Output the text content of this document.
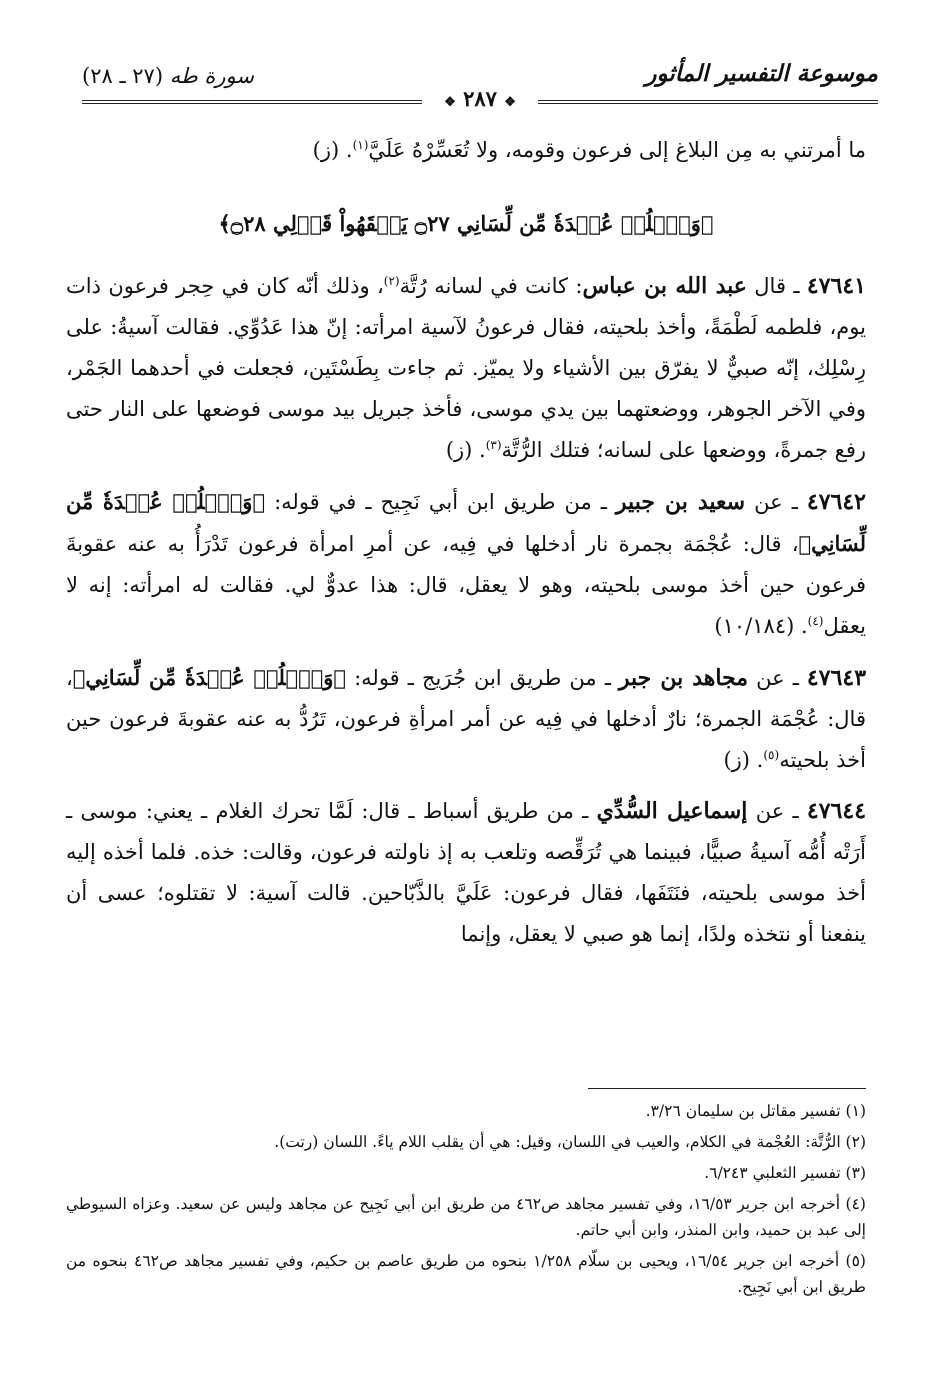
موسوعة التفسير المأثور
سورة طه (٢٧ ـ ٢٨)
❖ ٢٨٧ ❖

ما أمرتني به مِن البلاغ إلى فرعون وقومه، ولا تُعَسِّرْهُ عَلَيَّ$^{(١)}$. (ز)

﴿وَٱحۡلُلۡ عُقۡدَةٗ مِّن لِّسَانِي ۝٢٧ يَفۡقَهُواْ قَوۡلِي ۝٢٨﴾

٤٧٦٤١ ـ قال عبد الله بن عباس: كانت في لسانه رُتَّة$^{(٢)}$، وذلك أنّه كان في حِجر فرعون ذات يوم، فلطمه لَطْمَةً، وأخذ بلحيته، فقال فرعونُ لآسية امرأته: إنّ هذا عَدُوِّي. فقالت آسيةُ: على رِسْلِك، إنّه صبيٌّ لا يفرّق بين الأشياء ولا يميّز. ثم جاءت بِطَسْتَين، فجعلت في أحدهما الجَمْر، وفي الآخر الجوهر، ووضعتهما بين يدي موسى، فأخذ جبريل بيد موسى فوضعها على النار حتى رفع جمرةً، ووضعها على لسانه؛ فتلك الرُّتَّة$^{(٣)}$. (ز)

٤٧٦٤٢ ـ عن سعيد بن جبير ـ من طريق ابن أبي نَجِيح ـ في قوله: ﴿وَٱحۡلُلۡ عُقۡدَةٗ مِّن لِّسَانِي﴾، قال: عُجْمَة بجمرة نار أدخلها في فِيه، عن أمرِ امرأة فرعون تَدْرَأُ به عنه عقوبةَ فرعون حين أخذ موسى بلحيته، وهو لا يعقل، قال: هذا عدوٌّ لي. فقالت له امرأته: إنه لا يعقل$^{(٤)}$. (١٠/١٨٤)

٤٧٦٤٣ ـ عن مجاهد بن جبر ـ من طريق ابن جُرَيج ـ قوله: ﴿وَٱحۡلُلۡ عُقۡدَةٗ مِّن لِّسَانِي﴾، قال: عُجْمَة الجمرة؛ نارٌ أدخلها في فِيه عن أمر امرأةِ فرعون، تَرُدُّ به عنه عقوبةَ فرعون حين أخذ بلحيته$^{(٥)}$. (ز)

٤٧٦٤٤ ـ عن إسماعيل السُّدِّي ـ من طريق أسباط ـ قال: لَمَّا تحرك الغلام ـ يعني: موسى ـ أَرَتْه أُمُّه آسيةُ صبيًّا، فبينما هي تُرَقِّصه وتلعب به إذ ناولته فرعون، وقالت: خذه. فلما أخذه إليه أخذ موسى بلحيته، فنَتَفَها، فقال فرعون: عَلَيَّ بالذَّبّاحين. قالت آسية: لا تقتلوه؛ عسى أن ينفعنا أو نتخذه ولدًا، إنما هو صبي لا يعقل، وإنما

(١) تفسير مقاتل بن سليمان ٣/٢٦.

(٢) الرُّتَّة: العُجْمة في الكلام، والعيب في اللسان، وقيل: هي أن يقلب اللام ياءً. اللسان (رتت).

(٣) تفسير الثعلبي ٦/٢٤٣.

(٤) أخرجه ابن جرير ١٦/٥٣، وفي تفسير مجاهد ص٤٦٢ من طريق ابن أبي نَجِيح عن مجاهد وليس عن سعيد. وعزاه السيوطي إلى عبد بن حميد، وابن المنذر، وابن أبي حاتم.

(٥) أخرجه ابن جرير ١٦/٥٤، ويحيى بن سلّام ١/٢٥٨ بنحوه من طريق عاصم بن حكيم، وفي تفسير مجاهد ص٤٦٢ بنحوه من طريق ابن أبي نَجِيح.
